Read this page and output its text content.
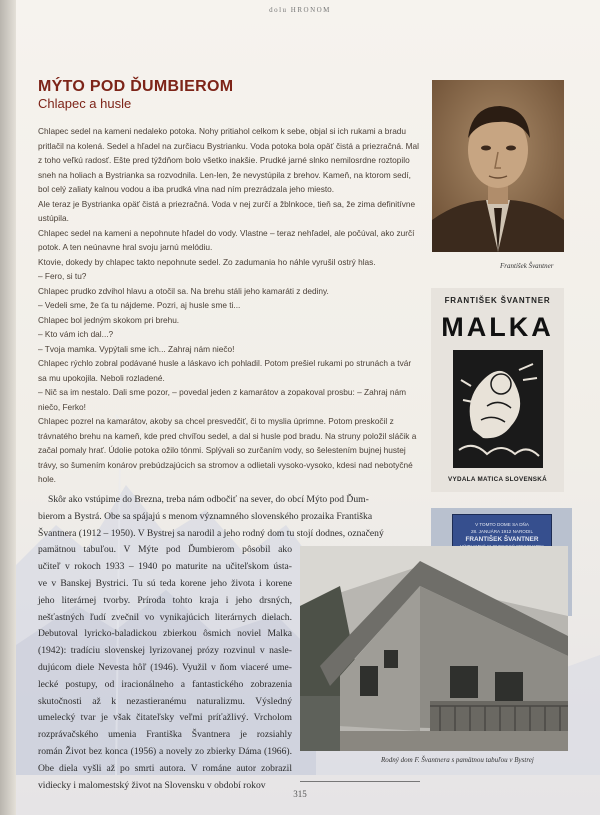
dolu HRONOM
MÝTO POD ĎUMBIEROM
Chlapec a husle

Chlapec sedel na kameni nedaleko potoka. Nohy pritiahol celkom k sebe, objal si ich rukami a bradu pritlačil na kolená. Sedel a hľadel na zurčiacu Bystrianku. Voda potoka bola opäť čistá a priezračná. Mal z toho veľkú radosť. Ešte pred týždňom bolo všetko inakšie. Prudké jarné slnko nemilosrdne roztopilo sneh na holiach a Bystrianka sa rozvodnila. Len-len, že nevystúpila z brehov. Kameň, na ktorom sedí, bol celý zaliaty kalnou vodou a iba prudká vlna nad ním prezrádzala jeho miesto.

Ale teraz je Bystrianka opäť čistá a priezračná. Voda v nej zurčí a žblnkoce, tieň sa, že zima definitívne ustúpila.

Chlapec sedel na kameni a nepohnute hľadel do vody. Vlastne – teraz nehľadel, ale počúval, ako zurčí potok. A ten neúnavne hral svoju jarnú melódiu.

Ktovie, dokedy by chlapec takto nepohnute sedel. Zo zadumania ho náhle vyrušil ostrý hlas.

– Fero, si tu?

Chlapec prudko zdvihol hlavu a otočil sa. Na brehu stáli jeho kamaráti z dediny.

– Vedeli sme, že ťa tu nájdeme. Pozri, aj husle sme ti...

Chlapec bol jedným skokom pri brehu.

– Kto vám ich dal...?

– Tvoja mamka. Vypýtali sme ich... Zahraj nám niečo!

Chlapec rýchlo zobral podávané husle a láskavo ich pohladil. Potom prešiel rukami po strunách a tvár sa mu upokojila. Neboli rozladené.

– Nič sa im nestalo. Dali sme pozor, – povedal jeden z kamarátov a zopakoval prosbu: – Zahraj nám niečo, Ferko!

Chlapec pozrel na kamarátov, akoby sa chcel presvedčiť, či to myslia úprimne. Potom preskočil z trávnatého brehu na kameň, kde pred chvíľou sedel, a dal si husle pod bradu. Na struny položil sláčik a začal pomaly hrať. Údolie potoka ožilo tónmi. Splývali so zurčaním vody, so šelestením bujnej hustej trávy, so šumením konárov prebúdzajúcich sa stromov a odlietali vysoko-vysoko, kdesi nad nebotyčné hole.

František Švantner
FRANTIŠEK ŠVANTNER
MALKA
VYDALA MATICA SLOVENSKÁ
V TOMTO DOME SA DŇA
28. JANUÁRA 1912 NARODIL
FRANTIŠEK ŠVANTNER
Rodný dom F. Švantnera s pamätnou tabuľou v Bystrej
Skôr ako vstúpime do Brezna, treba nám odbočiť na sever, do obcí Mýto pod Ďum-
bierom a Bystrá. Obe sa spájajú s menom významného slovenského prozaika Františka
Švantnera (1912 – 1950). V Bystrej sa narodil a jeho rodný dom tu stojí dodnes, označený
pamätnou tabuľou. V Mýte pod Ďumbierom pôsobil ako
učiteľ v rokoch 1933 – 1940 po maturite na učiteľskom ústa-
ve v Banskej Bystrici. Tu sú teda korene jeho života i korene
jeho literárnej tvorby. Príroda tohto kraja i jeho drsných,
nešťastných ľudí zvečnil vo vynikajúcich literárnych dielach.
Debutoval lyricko-baladickou zbierkou ôsmich noviel Malka
(1942): tradíciu slovenskej lyrizovanej prózy rozvinul v nasle-
dujúcom diele Nevesta hôľ (1946). Využil v ňom viaceré ume-
lecké postupy, od iracionálneho a fantastického zobrazenia
skutočnosti až k nezastieranému naturalizmu. Výsledný
umelecký tvar je však čitateľsky veľmi príťažlivý. Vrcholom
rozprávačského umenia Františka Švantnera je rozsiahly
román Život bez konca (1956) a novely zo zbierky Dáma (1966).
Obe diela vyšli až po smrti autora. V románe autor zobrazil
vidiecky i malomestský život na Slovensku v období rokov
315
